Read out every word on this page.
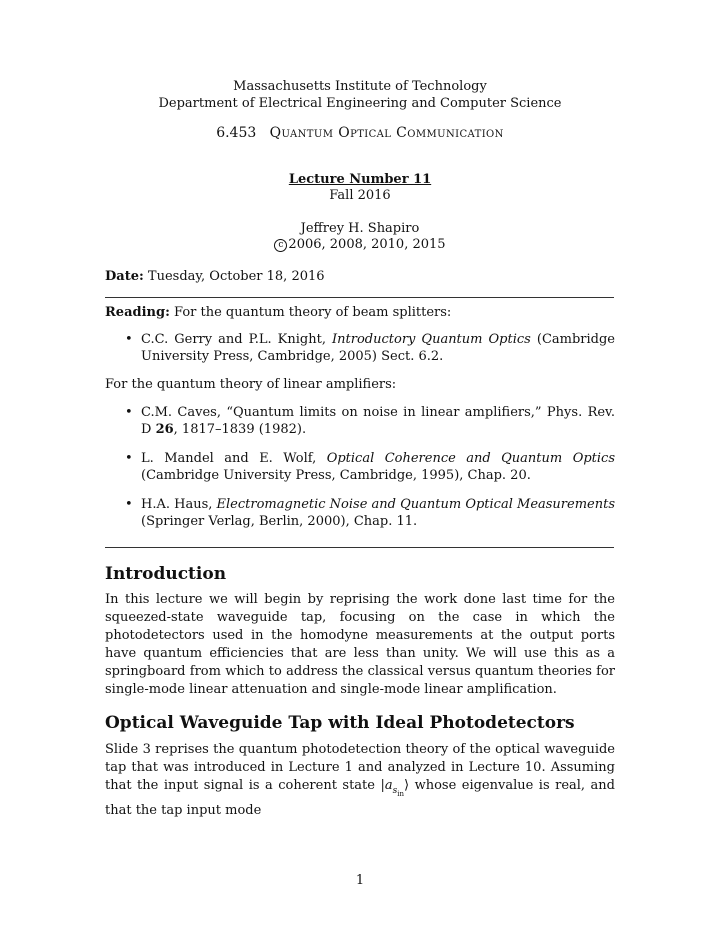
Massachusetts Institute of Technology
Department of Electrical Engineering and Computer Science
6.453 Quantum Optical Communication
Lecture Number 11
Fall 2016
Jeffrey H. Shapiro
c 2006, 2008, 2010, 2015
Date: Tuesday, October 18, 2016
Reading: For the quantum theory of beam splitters:
• C.C. Gerry and P.L. Knight, Introductory Quantum Optics (Cambridge University Press, Cambridge, 2005) Sect. 6.2.
For the quantum theory of linear amplifiers:
• C.M. Caves, “Quantum limits on noise in linear amplifiers,” Phys. Rev. D 26, 1817–1839 (1982).
• L. Mandel and E. Wolf, Optical Coherence and Quantum Optics (Cambridge University Press, Cambridge, 1995), Chap. 20.
• H.A. Haus, Electromagnetic Noise and Quantum Optical Measurements (Springer Verlag, Berlin, 2000), Chap. 11.
Introduction

In this lecture we will begin by reprising the work done last time for the squeezed-state waveguide tap, focusing on the case in which the photodetectors used in the homodyne measurements at the output ports have quantum efficiencies that are less than unity. We will use this as a springboard from which to address the classical versus quantum theories for single-mode linear attenuation and single-mode linear amplification.

Optical Waveguide Tap with Ideal Photodetectors

Slide 3 reprises the quantum photodetection theory of the optical waveguide tap that was introduced in Lecture 1 and analyzed in Lecture 10. Assuming that the input signal is a coherent state $|a_{s_{in}}⟩$ whose eigenvalue is real, and that the tap input mode

1
